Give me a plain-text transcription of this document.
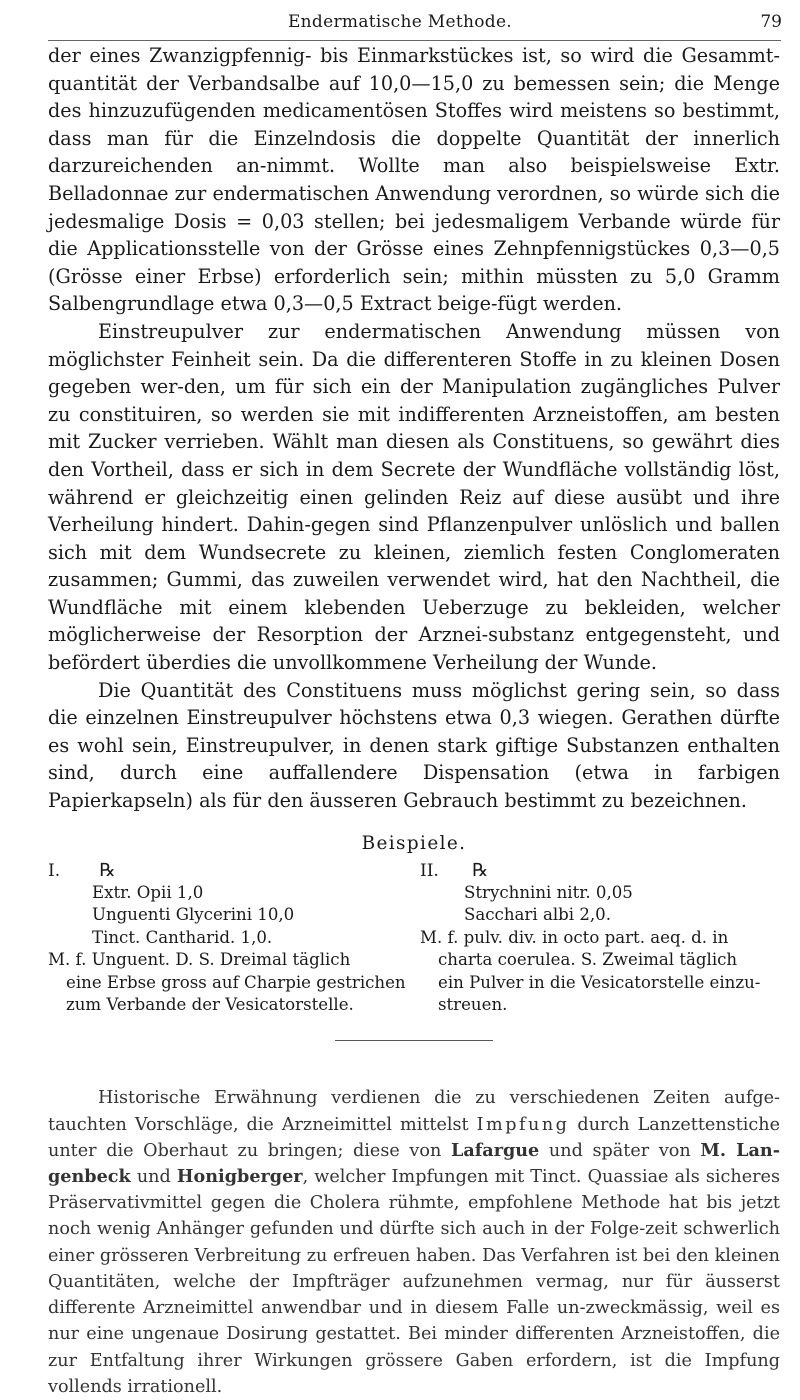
Endermatische Methode.	79

der eines Zwanzigpfennig- bis Einmarkstückes ist, so wird die Gesammt-quantität der Verbandsalbe auf 10,0—15,0 zu bemessen sein; die Menge des hinzuzufügenden medicamentösen Stoffes wird meistens so bestimmt, dass man für die Einzelndosis die doppelte Quantität der innerlich darzureichenden an-nimmt. Wollte man also beispielsweise Extr. Belladonnae zur endermatischen Anwendung verordnen, so würde sich die jedesmalige Dosis = 0,03 stellen; bei jedesmaligem Verbande würde für die Applicationsstelle von der Grösse eines Zehnpfennigstückes 0,3—0,5 (Grösse einer Erbse) erforderlich sein; mithin müssten zu 5,0 Gramm Salbengrundlage etwa 0,3—0,5 Extract beige-fügt werden.

Einstreupulver zur endermatischen Anwendung müssen von möglichster Feinheit sein. Da die differenteren Stoffe in zu kleinen Dosen gegeben wer-den, um für sich ein der Manipulation zugängliches Pulver zu constituiren, so werden sie mit indifferenten Arzneistoffen, am besten mit Zucker verrieben. Wählt man diesen als Constituens, so gewährt dies den Vortheil, dass er sich in dem Secrete der Wundfläche vollständig löst, während er gleichzeitig einen gelinden Reiz auf diese ausübt und ihre Verheilung hindert. Dahin-gegen sind Pflanzenpulver unlöslich und ballen sich mit dem Wundsecrete zu kleinen, ziemlich festen Conglomeraten zusammen; Gummi, das zuweilen verwendet wird, hat den Nachtheil, die Wundfläche mit einem klebenden Ueberzuge zu bekleiden, welcher möglicherweise der Resorption der Arznei-substanz entgegensteht, und befördert überdies die unvollkommene Verheilung der Wunde.

Die Quantität des Constituens muss möglichst gering sein, so dass die einzelnen Einstreupulver höchstens etwa 0,3 wiegen. Gerathen dürfte es wohl sein, Einstreupulver, in denen stark giftige Substanzen enthalten sind, durch eine auffallendere Dispensation (etwa in farbigen Papierkapseln) als für den äusseren Gebrauch bestimmt zu bezeichnen.

Beispiele.
I. ℞
Extr. Opii 1,0
Unguenti Glycerini 10,0
Tinct. Cantharid. 1,0.
M. f. Unguent. D. S. Dreimal täglich
eine Erbse gross auf Charpie gestrichen
zum Verbande der Vesicatorstelle.
II. ℞
Strychnini nitr. 0,05
Sacchari albi 2,0.
M. f. pulv. div. in octo part. aeq. d. in
charta coerulea. S. Zweimal täglich
ein Pulver in die Vesicatorstelle einzu-
streuen.

Historische Erwähnung verdienen die zu verschiedenen Zeiten aufge-tauchten Vorschläge, die Arzneimittel mittelst Impfung durch Lanzettenstiche unter die Oberhaut zu bringen; diese von Lafargue und später von M. Lan-genbeck und Honigberger, welcher Impfungen mit Tinct. Quassiae als sicheres Präservativmittel gegen die Cholera rühmte, empfohlene Methode hat bis jetzt noch wenig Anhänger gefunden und dürfte sich auch in der Folge-zeit schwerlich einer grösseren Verbreitung zu erfreuen haben. Das Verfahren ist bei den kleinen Quantitäten, welche der Impfträger aufzunehmen vermag, nur für äusserst differente Arzneimittel anwendbar und in diesem Falle un-zweckmässig, weil es nur eine ungenaue Dosirung gestattet. Bei minder differenten Arzneistoffen, die zur Entfaltung ihrer Wirkungen grössere Gaben erfordern, ist die Impfung vollends irrationell.
